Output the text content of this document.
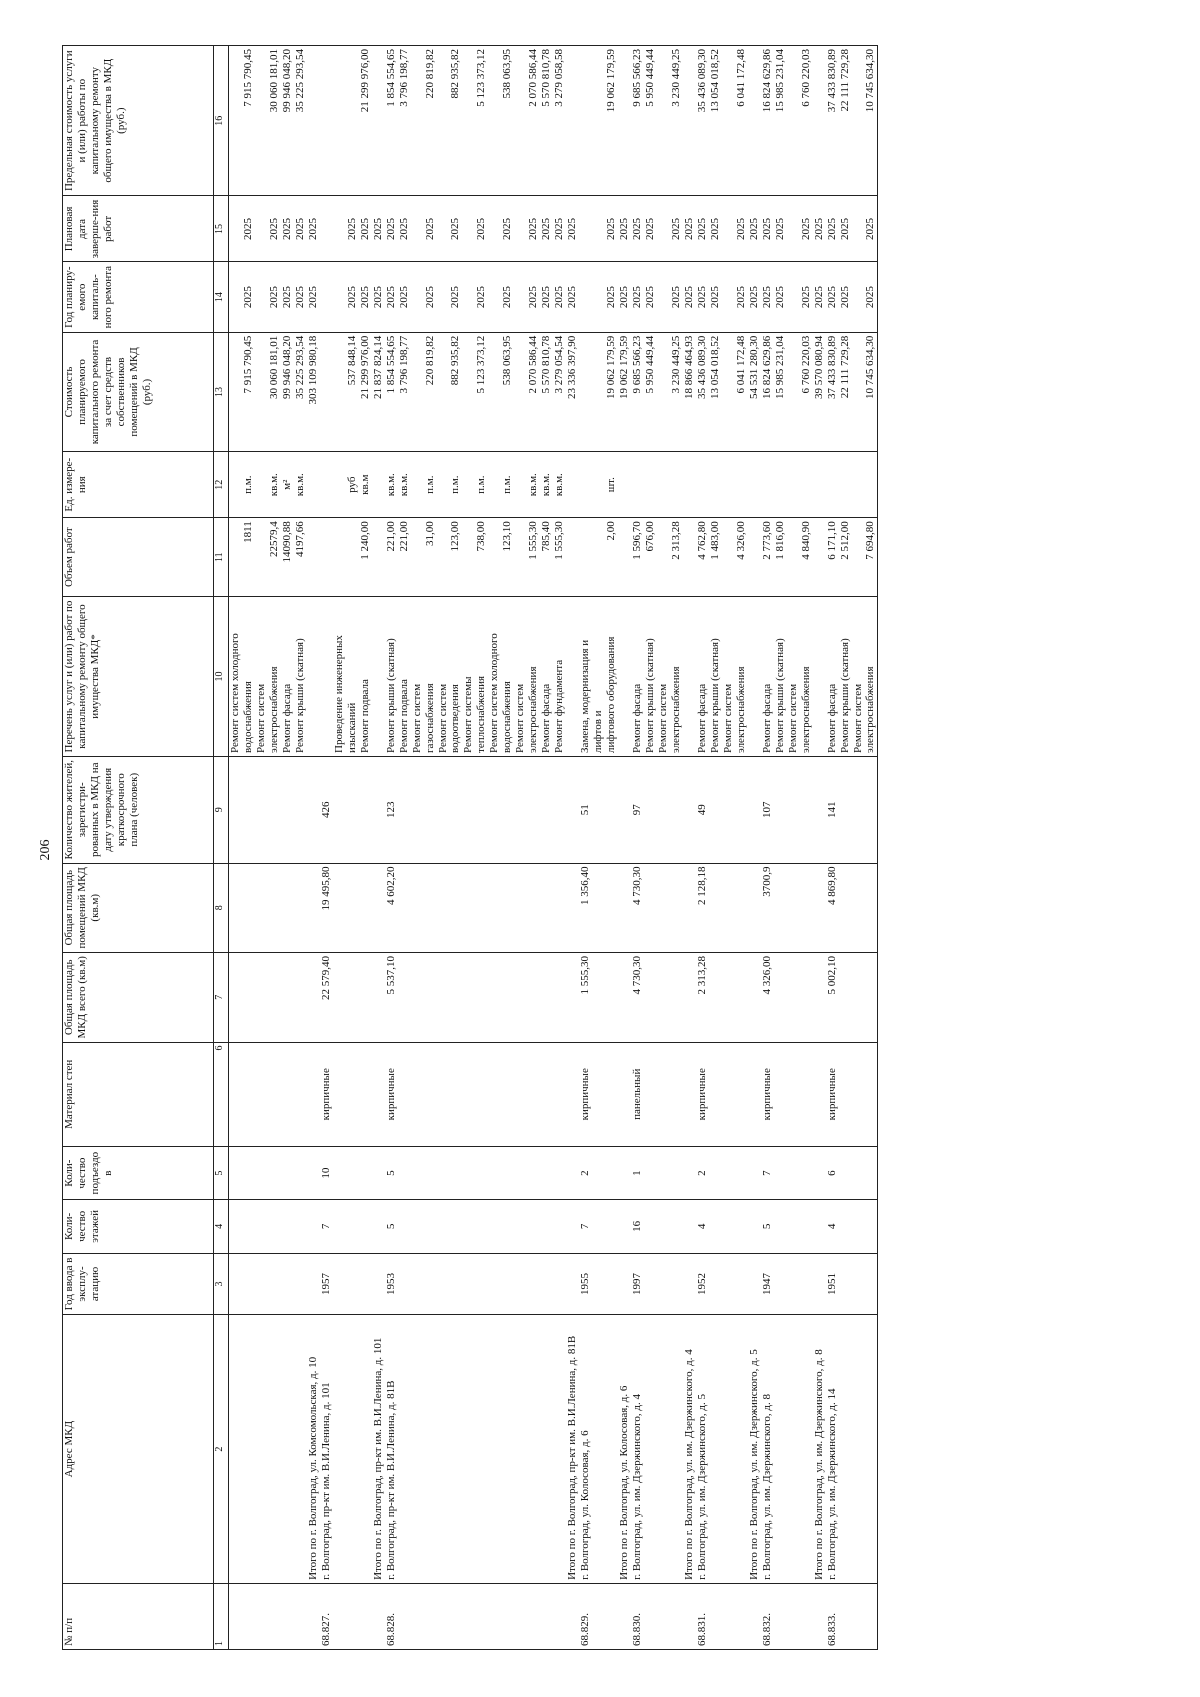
206
№ п/п	Адрес МКД	Год ввода в эксплу-атацию	Коли-чество этажей	Коли-чество подъездо в	Материал стен	Общая площадь МКД всего (кв.м)	Общая площадь помещений МКД (кв.м)	Количество жителей, зарегистри-рованных в МКД на дату утверждения краткосрочного плана (человек)	Перечень услуг и (или) работ по капитальному ремонту общего имущества МКД*	Объем работ	Ед. измере-ния	Стоимость планируемого капитального ремонта за счет средств собственников помещений в МКД (руб.)	Год планиру-емого капиталь-ного ремонта	Плановая дата заверше-ния работ	Предельная стоимость услуги и (или) работы по капитальному ремонту общего имущества в МКД (руб.)
1	2	3	4	5	6	7	8	9	10	11	12	13	14	15	16
									Ремонт систем холодного						
									водоснабжения	1811	п.м.	7 915 790,45	2025	2025	7 915 790,45
									Ремонт систем						
									электроснабжения	22579,4	кв.м.	30 060 181,01	2025	2025	30 060 181,01
									Ремонт фасада	14090,88	м²	99 946 048,20	2025	2025	99 946 048,20
									Ремонт крыши (скатная)	4197,66	кв.м.	35 225 293,54	2025	2025	35 225 293,54
	Итого по г. Волгоград, ул. Комсомольская, д. 10											303 109 980,18	2025	2025	
68.827.	г. Волгоград, пр-кт им. В.И.Ленина, д. 101	1957	7	10	кирпичные	22 579,40	19 495,80	426							
									Проведение инженерных						
									изысканий		руб	537 848,14	2025	2025	
									Ремонт подвала	1 240,00	кв.м	21 299 976,00	2025	2025	21 299 976,00
	Итого по г. Волгоград, пр-кт им. В.И.Ленина, д. 101											21 837 824,14	2025	2025	
68.828.	г. Волгоград, пр-кт им. В.И.Ленина, д. 81В	1953	5	5	кирпичные	5 537,10	4 602,20	123	Ремонт крыши (скатная)	221,00	кв.м.	1 854 554,65	2025	2025	1 854 554,65
									Ремонт подвала	221,00	кв.м.	3 796 198,77	2025	2025	3 796 198,77
									Ремонт систем						
									газоснабжения	31,00	п.м.	220 819,82	2025	2025	220 819,82
									Ремонт систем						
									водоотведения	123,00	п.м.	882 935,82	2025	2025	882 935,82
									Ремонт системы						
									теплоснабжения	738,00	п.м.	5 123 373,12	2025	2025	5 123 373,12
									Ремонт систем холодного						
									водоснабжения	123,10	п.м.	538 063,95	2025	2025	538 063,95
									Ремонт систем						
									электроснабжения	1 555,30	кв.м.	2 070 586,44	2025	2025	2 070 586,44
									Ремонт фасада	785,40	кв.м.	5 570 810,78	2025	2025	5 570 810,78
									Ремонт фундамента	1 555,30	кв.м.	3 279 054,54	2025	2025	3 279 058,58
	Итого по г. Волгоград, пр-кт им. В.И.Ленина, д. 81В											23 336 397,90	2025	2025	
68.829.	г. Волгоград, ул. Колосовая, д. 6	1955	7	2	кирпичные	1 555,30	1 356,40	51	Замена, модернизация и						
									лифтов и						
									лифтового оборудования	2,00	шт.	19 062 179,59	2025	2025	19 062 179,59
	Итого по г. Волгоград, ул. Колосовая, д. 6											19 062 179,59	2025	2025	
68.830.	г. Волгоград, ул. им. Дзержинского, д. 4	1997	16	1	панельный	4 730,30	4 730,30	97	Ремонт фасада	1 596,70		9 685 566,23	2025	2025	9 685 566,23
									Ремонт крыши (скатная)	676,00		5 950 449,44	2025	2025	5 950 449,44
									Ремонт систем						
									электроснабжения	2 313,28		3 230 449,25	2025	2025	3 230 449,25
	Итого по г. Волгоград, ул. им. Дзержинского, д. 4											18 866 464,93	2025	2025	
68.831.	г. Волгоград, ул. им. Дзержинского, д. 5	1952	4	2	кирпичные	2 313,28	2 128,18	49	Ремонт фасада	4 762,80		35 436 089,30	2025	2025	35 436 089,30
									Ремонт крыши (скатная)	1 483,00		13 054 018,52	2025	2025	13 054 018,52
									Ремонт систем						
									электроснабжения	4 326,00		6 041 172,48	2025	2025	6 041 172,48
	Итого по г. Волгоград, ул. им. Дзержинского, д. 5											54 531 280,30	2025	2025	
68.832.	г. Волгоград, ул. им. Дзержинского, д. 8	1947	5	7	кирпичные	4 326,00	3700,9	107	Ремонт фасада	2 773,60		16 824 629,86	2025	2025	16 824 629,86
									Ремонт крыши (скатная)	1 816,00		15 985 231,04	2025	2025	15 985 231,04
									Ремонт систем						
									электроснабжения	4 840,90		6 760 220,03	2025	2025	6 760 220,03
	Итого по г. Волгоград, ул. им. Дзержинского, д. 8											39 570 080,94	2025	2025	
68.833.	г. Волгоград, ул. им. Дзержинского, д. 14	1951	4	6	кирпичные	5 002,10	4 869,80	141	Ремонт фасада	6 171,10		37 433 830,89	2025	2025	37 433 830,89
									Ремонт крыши (скатная)	2 512,00		22 111 729,28	2025	2025	22 111 729,28
									Ремонт систем						
									электроснабжения	7 694,80		10 745 634,30	2025	2025	10 745 634,30
